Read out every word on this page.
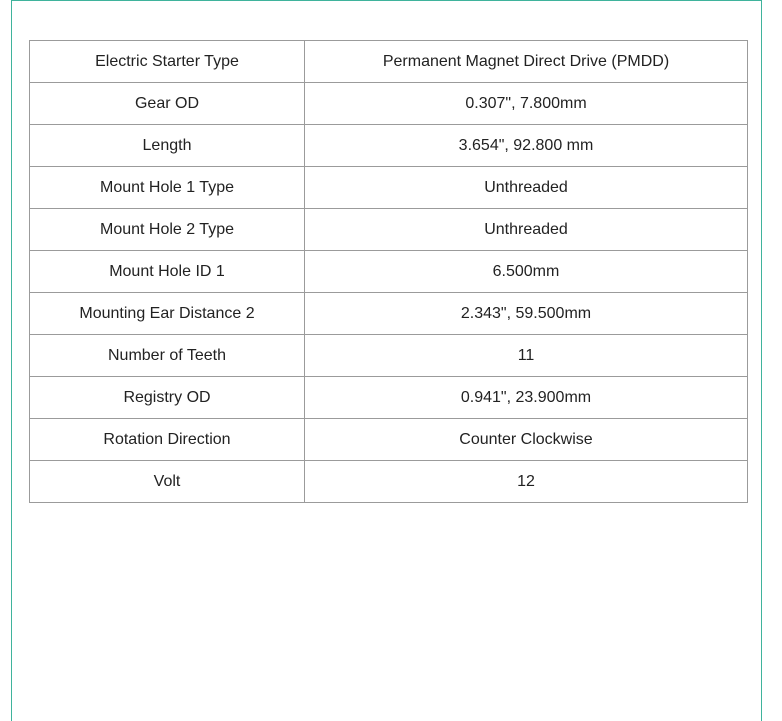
Electric Starter Type	Permanent Magnet Direct Drive (PMDD)
Gear OD	0.307", 7.800mm
Length	3.654", 92.800 mm
Mount Hole 1 Type	Unthreaded
Mount Hole 2 Type	Unthreaded
Mount Hole ID 1	6.500mm
Mounting Ear Distance 2	2.343", 59.500mm
Number of Teeth	11
Registry OD	0.941", 23.900mm
Rotation Direction	Counter Clockwise
Volt	12
